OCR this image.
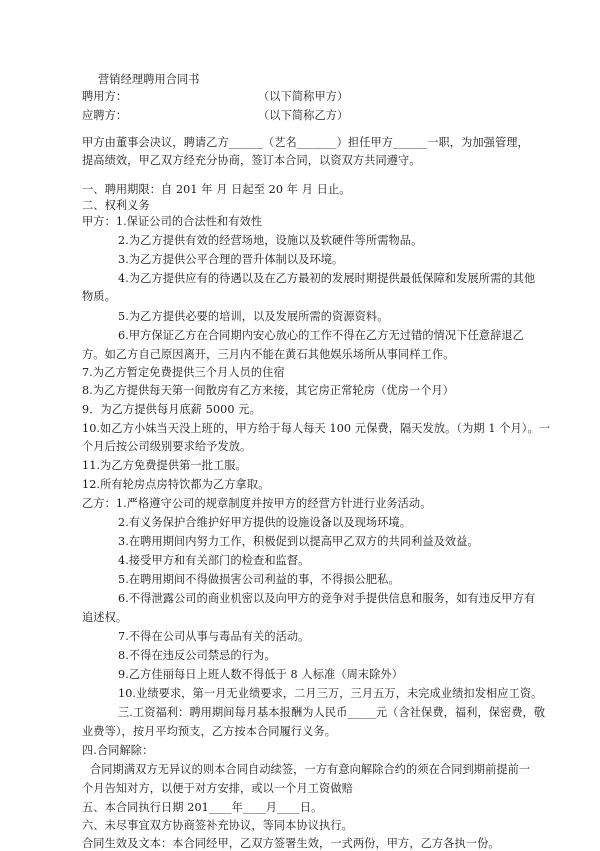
营销经理聘用合同书
聘用方：	（以下简称甲方）
应聘方：	（以下简称乙方）
甲方由董事会决议，聘请乙方______（艺名_______）担任甲方______一职，为加强管理，
提高绩效，甲乙双方经充分协商，签订本合同，以资双方共同遵守。
一、聘用期限：自 201 年 月 日起至 20 年 月 日止。
二、权利义务
甲方：1.保证公司的合法性和有效性
2.为乙方提供有效的经营场地，设施以及软硬件等所需物品。
3.为乙方提供公平合理的晋升体制以及环境。
4.为乙方提供应有的待遇以及在乙方最初的发展时期提供最低保障和发展所需的其他
物质。
5.为乙方提供必要的培训，以及发展所需的资源资料。
6.甲方保证乙方在合同期内安心放心的工作不得在乙方无过错的情况下任意辞退乙
方。如乙方自己原因离开，三月内不能在黄石其他娱乐场所从事同样工作。
7.为乙方暂定免费提供三个月人员的住宿
8.为乙方提供每天第一间散房有乙方来接，其它房正常轮房（优房一个月）
9．为乙方提供每月底薪 5000 元。
10.如乙方小妹当天没上班的，甲方给于每人每天 100 元保费，隔天发放。（为期 1 个月）。一
个月后按公司级别要求给予发放。
11.为乙方免费提供第一批工服。
12.所有轮房点房特饮都为乙方拿取。
乙方：1.严格遵守公司的规章制度并按甲方的经营方针进行业务活动。
2.有义务保护合维护好甲方提供的设施设备以及现场环境。
3.在聘用期间内努力工作，积极促到以提高甲乙双方的共同利益及效益。
4.接受甲方和有关部门的检查和监督。
5.在聘用期间不得做损害公司利益的事，不得损公肥私。
6.不得泄露公司的商业机密以及向甲方的竞争对手提供信息和服务，如有违反甲方有
追述权。
7.不得在公司从事与毒品有关的活动。
8.不得在违反公司禁忌的行为。
9.乙方佳丽每日上班人数不得低于 8 人标准（周末除外）
10.业绩要求，第一月无业绩要求，二月三万，三月五万，未完成业绩扣发相应工资。
三.工资福利：聘用期间每月基本报酬为人民币_____元（含社保费，福利，保密费，敬
业费等），按月平均预支，乙方按本合同履行义务。
四.合同解除：
合同期满双方无异议的则本合同自动续签，一方有意向解除合约的须在合同到期前提前一
个月告知对方，以便于对方安排，或以一个月工资做赔
五、本合同执行日期 201____年____月____日。
六、未尽事宜双方协商签补充协议，等同本协议执行。
合同生效及文本：本合同经甲，乙双方签署生效，一式两份，甲方，乙方各执一份。
